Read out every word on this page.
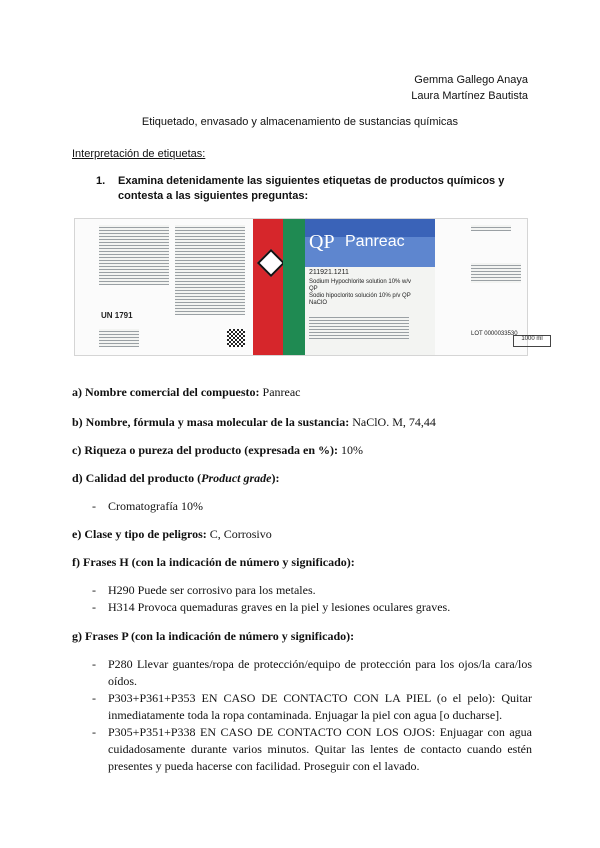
Gemma Gallego Anaya
Laura Martínez Bautista
Etiquetado, envasado y almacenamiento de sustancias químicas
Interpretación de etiquetas:
1. Examina detenidamente las siguientes etiquetas de productos químicos y contesta a las siguientes preguntas:
UN 1791
QP Panreac
211921.1211
Sodium Hypochlorite solution 10% w/v
QP
Sodio hipoclorito solución 10% p/v QP
NaClO
LOT 0000033530
1000 ml
a) Nombre comercial del compuesto: Panreac
b) Nombre, fórmula y masa molecular de la sustancia: NaClO. M, 74,44
c) Riqueza o pureza del producto (expresada en %): 10%
d) Calidad del producto (Product grade):
- Cromatografía 10%
e) Clase y tipo de peligros: C, Corrosivo
f) Frases H (con la indicación de número y significado):
- H290 Puede ser corrosivo para los metales.
- H314 Provoca quemaduras graves en la piel y lesiones oculares graves.
g) Frases P (con la indicación de número y significado):
- P280 Llevar guantes/ropa de protección/equipo de protección para los ojos/la cara/los oídos.
- P303+P361+P353 EN CASO DE CONTACTO CON LA PIEL (o el pelo): Quitar inmediatamente toda la ropa contaminada. Enjuagar la piel con agua [o ducharse].
- P305+P351+P338 EN CASO DE CONTACTO CON LOS OJOS: Enjuagar con agua cuidadosamente durante varios minutos. Quitar las lentes de contacto cuando estén presentes y pueda hacerse con facilidad. Proseguir con el lavado.
